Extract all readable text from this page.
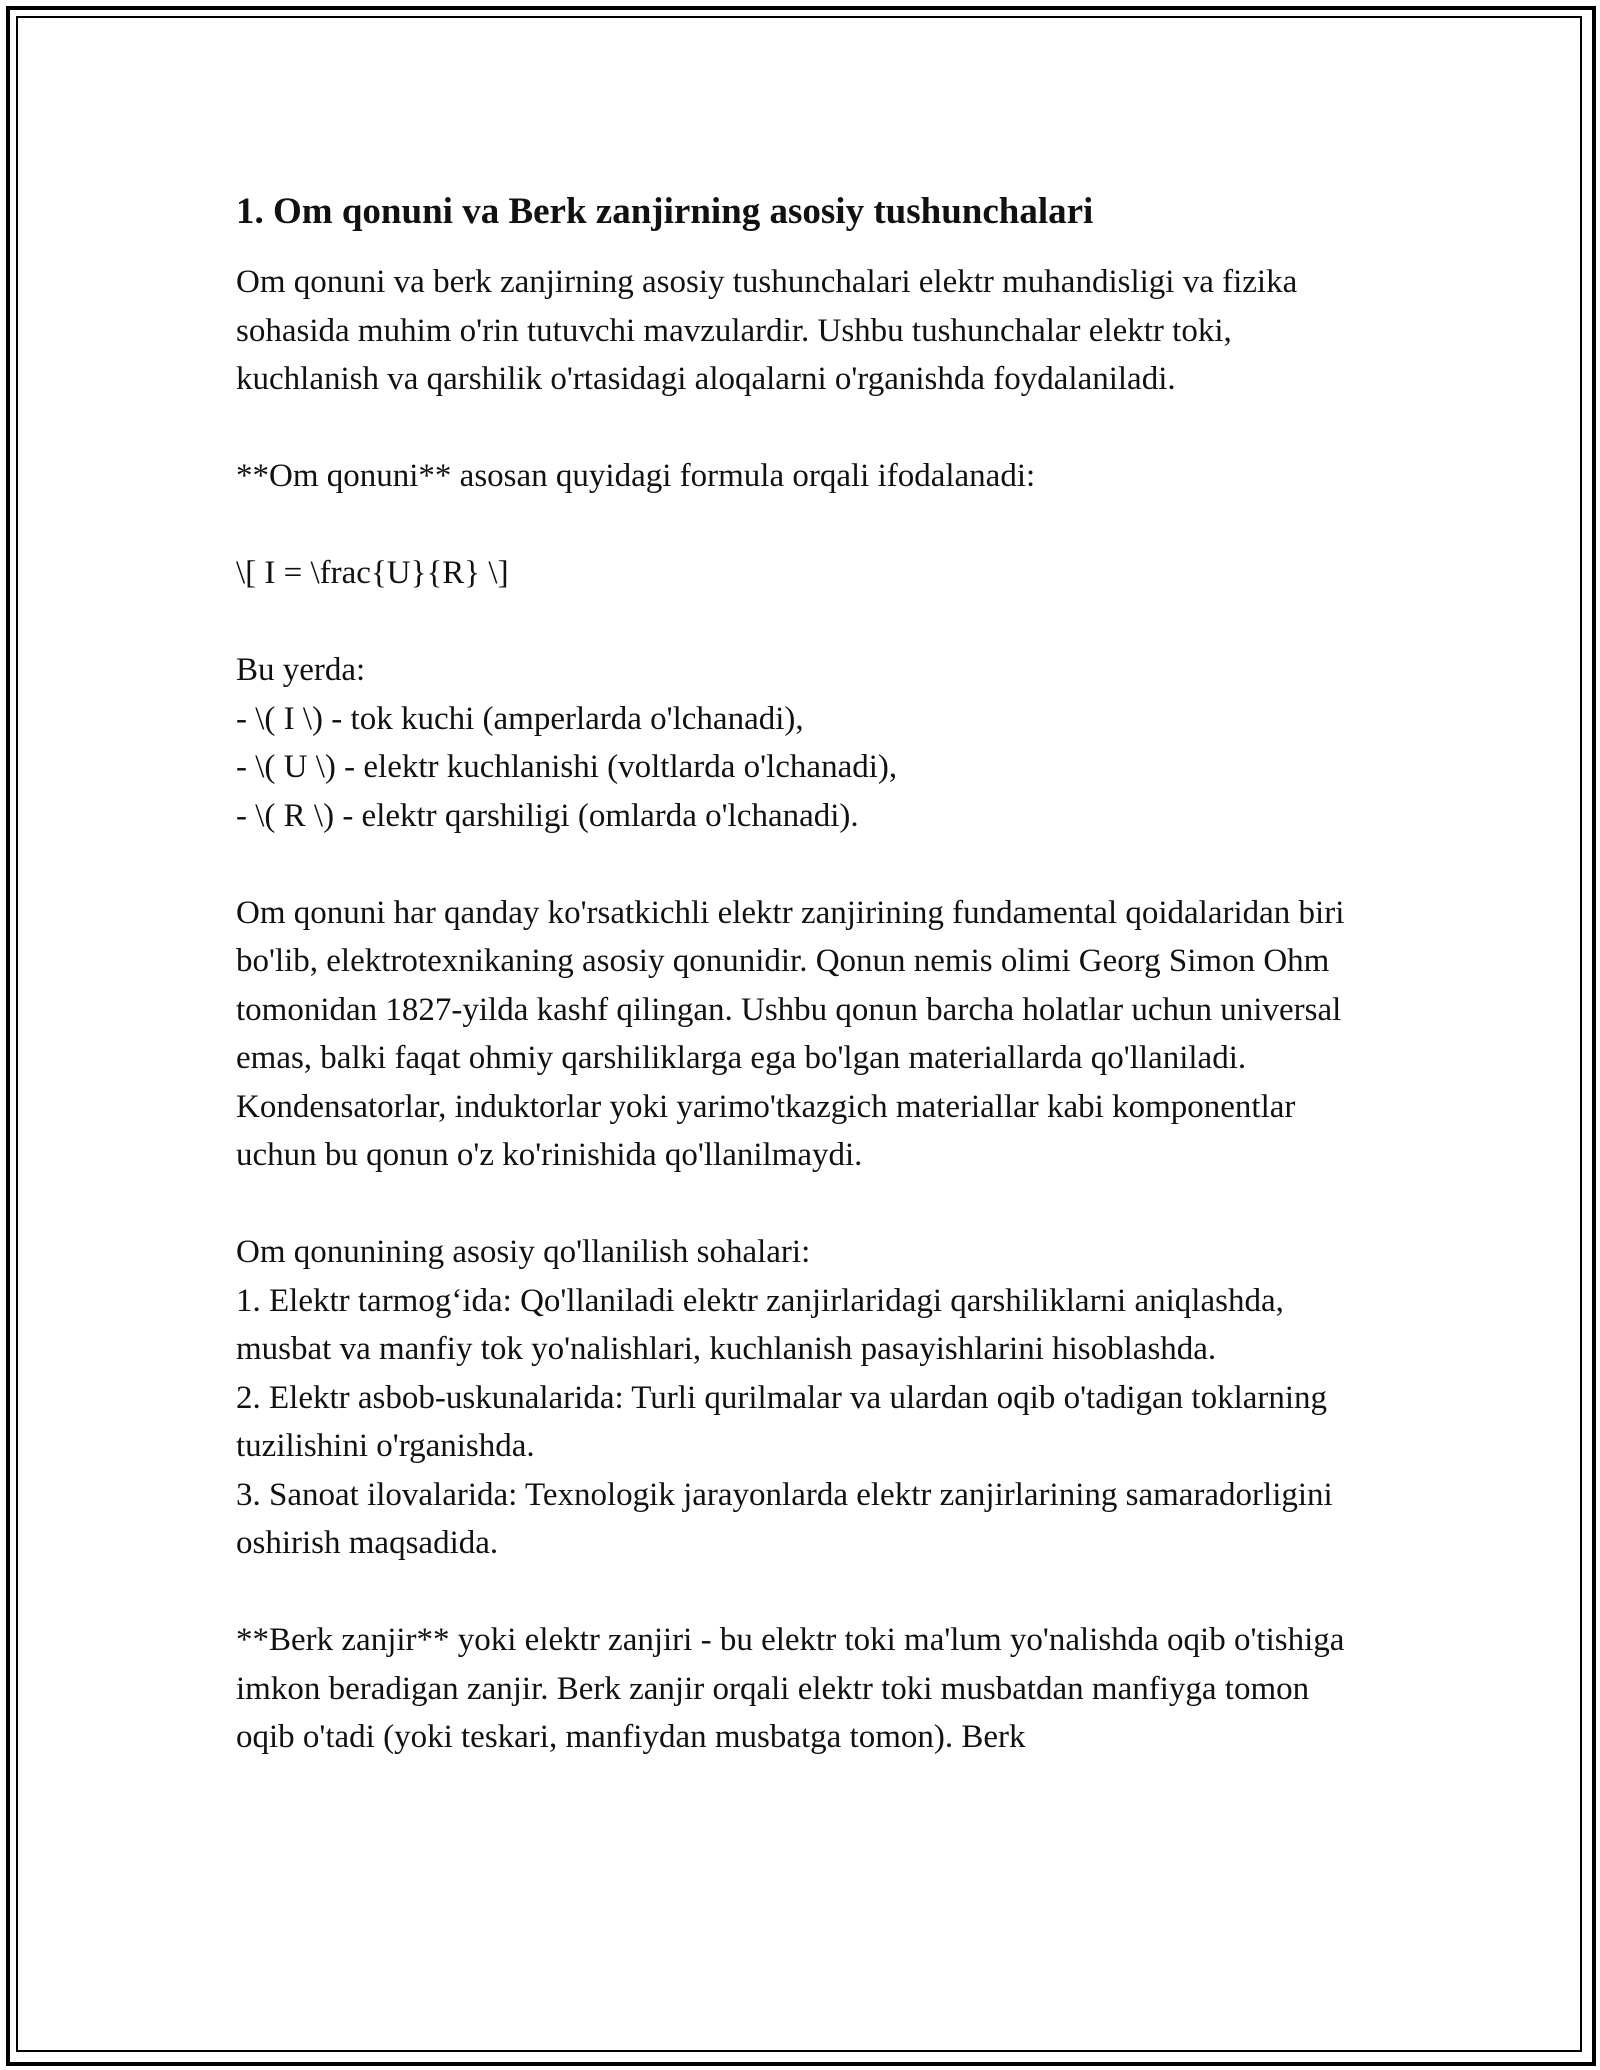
1. Om qonuni va Berk zanjirning asosiy tushunchalari

Om qonuni va berk zanjirning asosiy tushunchalari elektr muhandisligi va fizika sohasida muhim o'rin tutuvchi mavzulardir. Ushbu tushunchalar elektr toki, kuchlanish va qarshilik o'rtasidagi aloqalarni o'rganishda foydalaniladi.

**Om qonuni** asosan quyidagi formula orqali ifodalanadi:

\[ I = \frac{U}{R} \]

Bu yerda:
- \( I \) - tok kuchi (amperlarda o'lchanadi),
- \( U \) - elektr kuchlanishi (voltlarda o'lchanadi),
- \( R \) - elektr qarshiligi (omlarda o'lchanadi).

Om qonuni har qanday ko'rsatkichli elektr zanjirining fundamental qoidalaridan biri bo'lib, elektrotexnikaning asosiy qonunidir. Qonun nemis olimi Georg Simon Ohm tomonidan 1827-yilda kashf qilingan. Ushbu qonun barcha holatlar uchun universal emas, balki faqat ohmiy qarshiliklarga ega bo'lgan materiallarda qo'llaniladi. Kondensatorlar, induktorlar yoki yarimo'tkazgich materiallar kabi komponentlar uchun bu qonun o'z ko'rinishida qo'llanilmaydi.

Om qonunining asosiy qo'llanilish sohalari:
1. Elektr tarmog‘ida: Qo'llaniladi elektr zanjirlaridagi qarshiliklarni aniqlashda, musbat va manfiy tok yo'nalishlari, kuchlanish pasayishlarini hisoblashda.
2. Elektr asbob-uskunalarida: Turli qurilmalar va ulardan oqib o'tadigan toklarning tuzilishini o'rganishda.
3. Sanoat ilovalarida: Texnologik jarayonlarda elektr zanjirlarining samaradorligini oshirish maqsadida.

**Berk zanjir** yoki elektr zanjiri - bu elektr toki ma'lum yo'nalishda oqib o'tishiga imkon beradigan zanjir. Berk zanjir orqali elektr toki musbatdan manfiyga tomon oqib o'tadi (yoki teskari, manfiydan musbatga tomon). Berk
